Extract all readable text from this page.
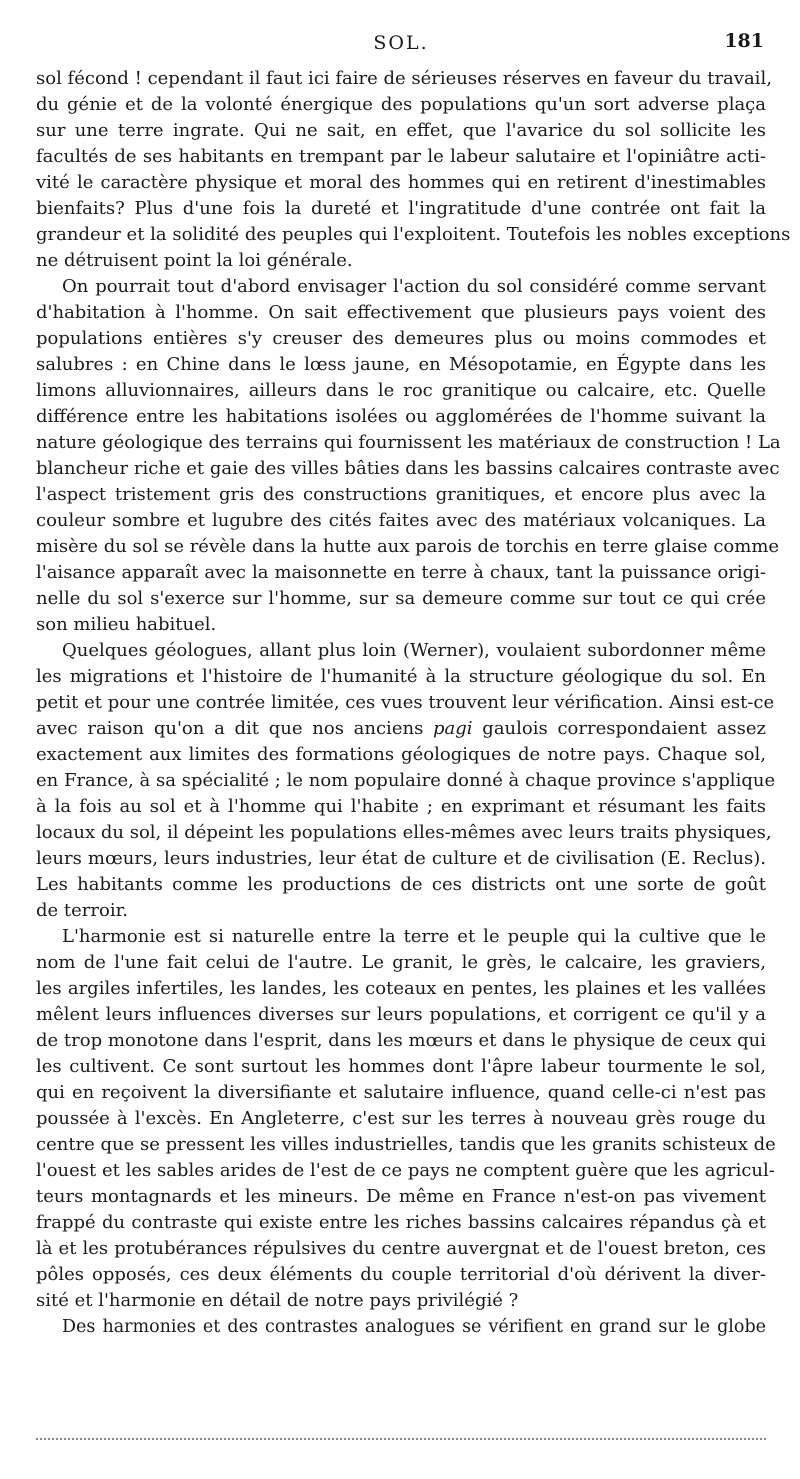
SOL.	181
sol fécond ! cependant il faut ici faire de sérieuses réserves en faveur du travail,
du génie et de la volonté énergique des populations qu'un sort adverse plaça
sur une terre ingrate. Qui ne sait, en effet, que l'avarice du sol sollicite les
facultés de ses habitants en trempant par le labeur salutaire et l'opiniâtre acti-
vité le caractère physique et moral des hommes qui en retirent d'inestimables
bienfaits? Plus d'une fois la dureté et l'ingratitude d'une contrée ont fait la
grandeur et la solidité des peuples qui l'exploitent. Toutefois les nobles exceptions
ne détruisent point la loi générale.
On pourrait tout d'abord envisager l'action du sol considéré comme servant
d'habitation à l'homme. On sait effectivement que plusieurs pays voient des
populations entières s'y creuser des demeures plus ou moins commodes et
salubres : en Chine dans le lœss jaune, en Mésopotamie, en Égypte dans les
limons alluvionnaires, ailleurs dans le roc granitique ou calcaire, etc. Quelle
différence entre les habitations isolées ou agglomérées de l'homme suivant la
nature géologique des terrains qui fournissent les matériaux de construction ! La
blancheur riche et gaie des villes bâties dans les bassins calcaires contraste avec
l'aspect tristement gris des constructions granitiques, et encore plus avec la
couleur sombre et lugubre des cités faites avec des matériaux volcaniques. La
misère du sol se révèle dans la hutte aux parois de torchis en terre glaise comme
l'aisance apparaît avec la maisonnette en terre à chaux, tant la puissance origi-
nelle du sol s'exerce sur l'homme, sur sa demeure comme sur tout ce qui crée
son milieu habituel.
Quelques géologues, allant plus loin (Werner), voulaient subordonner même
les migrations et l'histoire de l'humanité à la structure géologique du sol. En
petit et pour une contrée limitée, ces vues trouvent leur vérification. Ainsi est-ce
avec raison qu'on a dit que nos anciens pagi gaulois correspondaient assez
exactement aux limites des formations géologiques de notre pays. Chaque sol,
en France, à sa spécialité ; le nom populaire donné à chaque province s'applique
à la fois au sol et à l'homme qui l'habite ; en exprimant et résumant les faits
locaux du sol, il dépeint les populations elles-mêmes avec leurs traits physiques,
leurs mœurs, leurs industries, leur état de culture et de civilisation (E. Reclus).
Les habitants comme les productions de ces districts ont une sorte de goût
de terroir.
L'harmonie est si naturelle entre la terre et le peuple qui la cultive que le
nom de l'une fait celui de l'autre. Le granit, le grès, le calcaire, les graviers,
les argiles infertiles, les landes, les coteaux en pentes, les plaines et les vallées
mêlent leurs influences diverses sur leurs populations, et corrigent ce qu'il y a
de trop monotone dans l'esprit, dans les mœurs et dans le physique de ceux qui
les cultivent. Ce sont surtout les hommes dont l'âpre labeur tourmente le sol,
qui en reçoivent la diversifiante et salutaire influence, quand celle-ci n'est pas
poussée à l'excès. En Angleterre, c'est sur les terres à nouveau grès rouge du
centre que se pressent les villes industrielles, tandis que les granits schisteux de
l'ouest et les sables arides de l'est de ce pays ne comptent guère que les agricul-
teurs montagnards et les mineurs. De même en France n'est-on pas vivement
frappé du contraste qui existe entre les riches bassins calcaires répandus çà et
là et les protubérances répulsives du centre auvergnat et de l'ouest breton, ces
pôles opposés, ces deux éléments du couple territorial d'où dérivent la diver-
sité et l'harmonie en détail de notre pays privilégié ?
Des harmonies et des contrastes analogues se vérifient en grand sur le globe
